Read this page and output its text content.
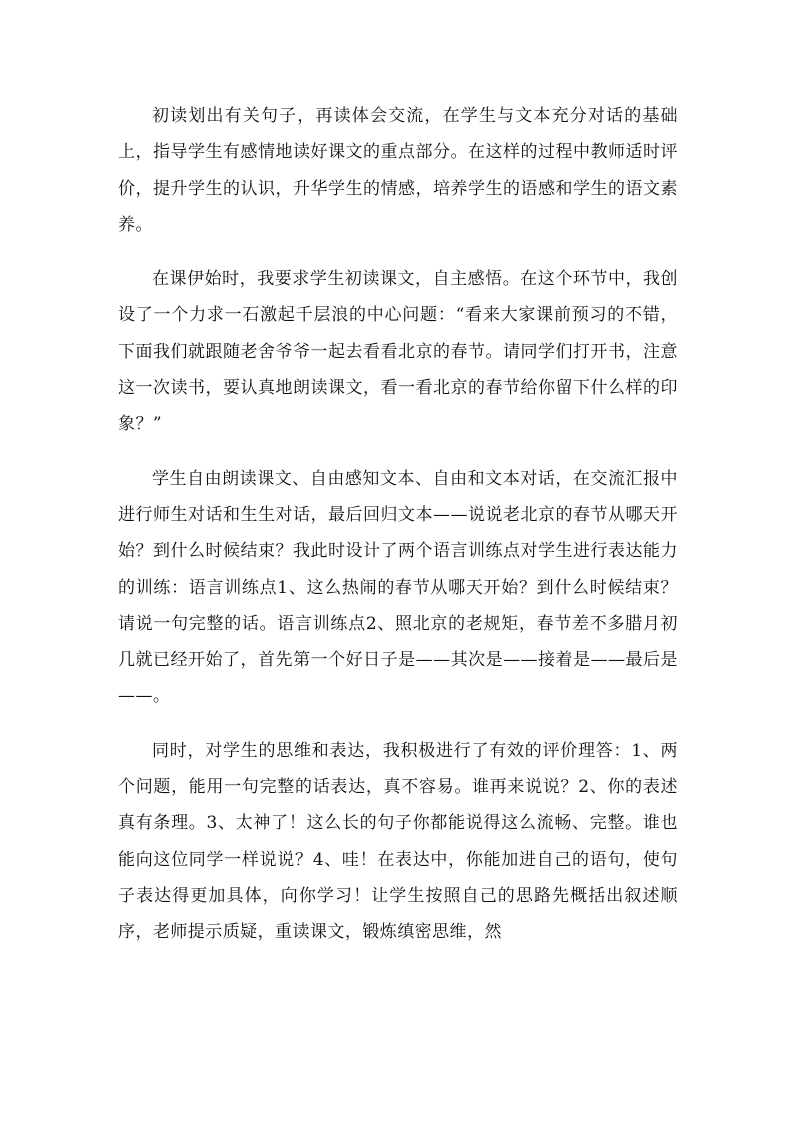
初读划出有关句子，再读体会交流，在学生与文本充分对话的基础上，指导学生有感情地读好课文的重点部分。在这样的过程中教师适时评价，提升学生的认识，升华学生的情感，培养学生的语感和学生的语文素养。

在课伊始时，我要求学生初读课文，自主感悟。在这个环节中，我创设了一个力求一石激起千层浪的中心问题：“看来大家课前预习的不错，下面我们就跟随老舍爷爷一起去看看北京的春节。请同学们打开书，注意这一次读书，要认真地朗读课文，看一看北京的春节给你留下什么样的印象？”

学生自由朗读课文、自由感知文本、自由和文本对话，在交流汇报中进行师生对话和生生对话，最后回归文本——说说老北京的春节从哪天开始？到什么时候结束？我此时设计了两个语言训练点对学生进行表达能力的训练：语言训练点1、这么热闹的春节从哪天开始？到什么时候结束？请说一句完整的话。语言训练点2、照北京的老规矩，春节差不多腊月初几就已经开始了，首先第一个好日子是——其次是——接着是——最后是——。

同时，对学生的思维和表达，我积极进行了有效的评价理答：1、两个问题，能用一句完整的话表达，真不容易。谁再来说说？2、你的表述真有条理。3、太神了！这么长的句子你都能说得这么流畅、完整。谁也能向这位同学一样说说？4、哇！在表达中，你能加进自己的语句，使句子表达得更加具体，向你学习！让学生按照自己的思路先概括出叙述顺序，老师提示质疑，重读课文，锻炼缜密思维，然
